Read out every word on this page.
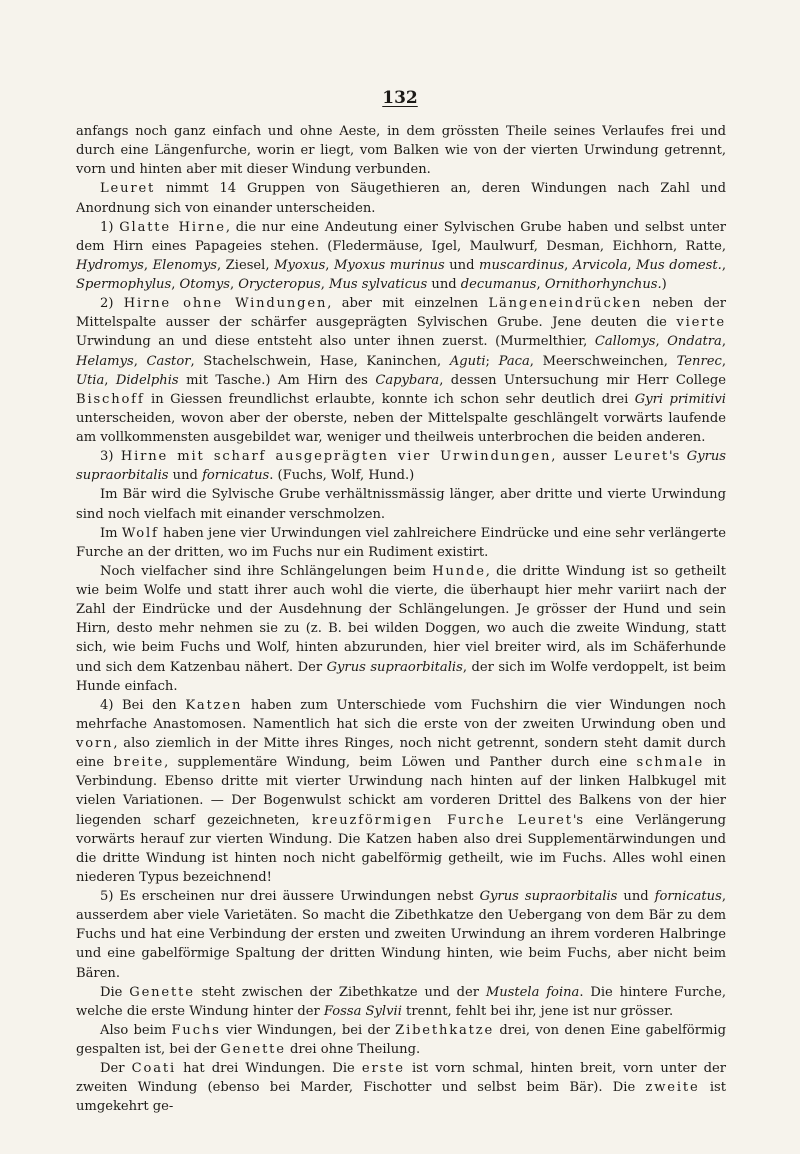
132

anfangs noch ganz einfach und ohne Aeste, in dem grössten Theile seines Verlaufes frei und durch eine Längenfurche, worin er liegt, vom Balken wie von der vierten Urwindung getrennt, vorn und hinten aber mit dieser Windung verbunden.

Leuret nimmt 14 Gruppen von Säugethieren an, deren Windungen nach Zahl und Anordnung sich von einander unterscheiden.

1) Glatte Hirne, die nur eine Andeutung einer Sylvischen Grube haben und selbst unter dem Hirn eines Papageies stehen. (Fledermäuse, Igel, Maulwurf, Desman, Eichhorn, Ratte, Hydromys, Elenomys, Ziesel, Myoxus, Myoxus murinus und muscardinus, Arvicola, Mus domest., Spermophylus, Otomys, Orycteropus, Mus sylvaticus und decumanus, Ornithorhynchus.)

2) Hirne ohne Windungen, aber mit einzelnen Längeneindrücken neben der Mittelspalte ausser der schärfer ausgeprägten Sylvischen Grube. Jene deuten die vierte Urwindung an und diese entsteht also unter ihnen zuerst. (Murmelthier, Callomys, Ondatra, Helamys, Castor, Stachelschwein, Hase, Kaninchen, Aguti; Paca, Meerschweinchen, Tenrec, Utia, Didelphis mit Tasche.) Am Hirn des Capybara, dessen Untersuchung mir Herr College Bischoff in Giessen freundlichst erlaubte, konnte ich schon sehr deutlich drei Gyri primitivi unterscheiden, wovon aber der oberste, neben der Mittelspalte geschlängelt vorwärts laufende am vollkommensten ausgebildet war, weniger und theilweis unterbrochen die beiden anderen.

3) Hirne mit scharf ausgeprägten vier Urwindungen, ausser Leuret's Gyrus supraorbitalis und fornicatus. (Fuchs, Wolf, Hund.)

Im Bär wird die Sylvische Grube verhältnissmässig länger, aber dritte und vierte Urwindung sind noch vielfach mit einander verschmolzen.

Im Wolf haben jene vier Urwindungen viel zahlreichere Eindrücke und eine sehr verlängerte Furche an der dritten, wo im Fuchs nur ein Rudiment existirt.

Noch vielfacher sind ihre Schlängelungen beim Hunde, die dritte Windung ist so getheilt wie beim Wolfe und statt ihrer auch wohl die vierte, die überhaupt hier mehr variirt nach der Zahl der Eindrücke und der Ausdehnung der Schlängelungen. Je grösser der Hund und sein Hirn, desto mehr nehmen sie zu (z. B. bei wilden Doggen, wo auch die zweite Windung, statt sich, wie beim Fuchs und Wolf, hinten abzurunden, hier viel breiter wird, als im Schäferhunde und sich dem Katzenbau nähert. Der Gyrus supraorbitalis, der sich im Wolfe verdoppelt, ist beim Hunde einfach.

4) Bei den Katzen haben zum Unterschiede vom Fuchshirn die vier Windungen noch mehrfache Anastomosen. Namentlich hat sich die erste von der zweiten Urwindung oben und vorn, also ziemlich in der Mitte ihres Ringes, noch nicht getrennt, sondern steht damit durch eine breite, supplementäre Windung, beim Löwen und Panther durch eine schmale in Verbindung. Ebenso dritte mit vierter Urwindung nach hinten auf der linken Halbkugel mit vielen Variationen. — Der Bogenwulst schickt am vorderen Drittel des Balkens von der hier liegenden scharf gezeichneten, kreuzförmigen Furche Leuret's eine Verlängerung vorwärts herauf zur vierten Windung. Die Katzen haben also drei Supplementärwindungen und die dritte Windung ist hinten noch nicht gabelförmig getheilt, wie im Fuchs. Alles wohl einen niederen Typus bezeichnend!

5) Es erscheinen nur drei äussere Urwindungen nebst Gyrus supraorbitalis und fornicatus, ausserdem aber viele Varietäten. So macht die Zibethkatze den Uebergang von dem Bär zu dem Fuchs und hat eine Verbindung der ersten und zweiten Urwindung an ihrem vorderen Halbringe und eine gabelförmige Spaltung der dritten Windung hinten, wie beim Fuchs, aber nicht beim Bären.

Die Genette steht zwischen der Zibethkatze und der Mustela foina. Die hintere Furche, welche die erste Windung hinter der Fossa Sylvii trennt, fehlt bei ihr, jene ist nur grösser.

Also beim Fuchs vier Windungen, bei der Zibethkatze drei, von denen Eine gabelförmig gespalten ist, bei der Genette drei ohne Theilung.

Der Coati hat drei Windungen. Die erste ist vorn schmal, hinten breit, vorn unter der zweiten Windung (ebenso bei Marder, Fischotter und selbst beim Bär). Die zweite ist umgekehrt ge-
